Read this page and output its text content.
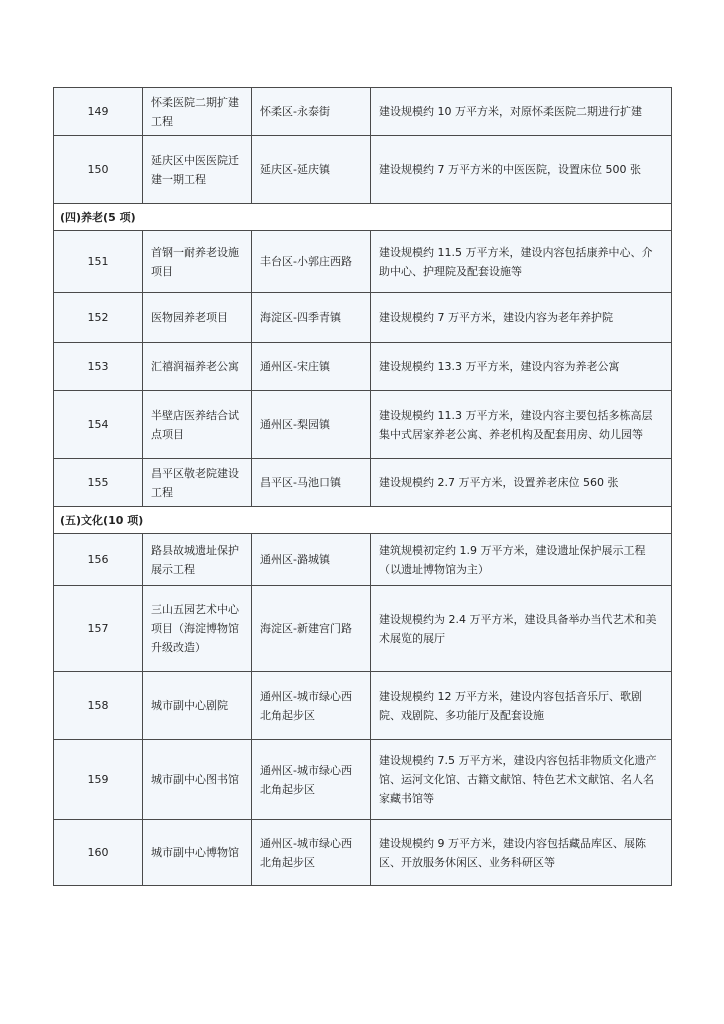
149	怀柔医院二期扩建工程	怀柔区-永泰街	建设规模约 10 万平方米，对原怀柔医院二期进行扩建
150	延庆区中医医院迁建一期工程	延庆区-延庆镇	建设规模约 7 万平方米的中医医院，设置床位 500 张
(四)养老(5 项)			
151	首钢一耐养老设施项目	丰台区-小郭庄西路	建设规模约 11.5 万平方米，建设内容包括康养中心、介助中心、护理院及配套设施等
152	医物园养老项目	海淀区-四季青镇	建设规模约 7 万平方米，建设内容为老年养护院
153	汇禧润福养老公寓	通州区-宋庄镇	建设规模约 13.3 万平方米，建设内容为养老公寓
154	半壁店医养结合试点项目	通州区-梨园镇	建设规模约 11.3 万平方米，建设内容主要包括多栋高层集中式居家养老公寓、养老机构及配套用房、幼儿园等
155	昌平区敬老院建设工程	昌平区-马池口镇	建设规模约 2.7 万平方米，设置养老床位 560 张
(五)文化(10 项)			
156	路县故城遗址保护展示工程	通州区-潞城镇	建筑规模初定约 1.9 万平方米，建设遗址保护展示工程（以遗址博物馆为主）
157	三山五园艺术中心项目（海淀博物馆升级改造）	海淀区-新建宫门路	建设规模约为 2.4 万平方米，建设具备举办当代艺术和美术展览的展厅
158	城市副中心剧院	通州区-城市绿心西北角起步区	建设规模约 12 万平方米，建设内容包括音乐厅、歌剧院、戏剧院、多功能厅及配套设施
159	城市副中心图书馆	通州区-城市绿心西北角起步区	建设规模约 7.5 万平方米，建设内容包括非物质文化遗产馆、运河文化馆、古籍文献馆、特色艺术文献馆、名人名家藏书馆等
160	城市副中心博物馆	通州区-城市绿心西北角起步区	建设规模约 9 万平方米，建设内容包括藏品库区、展陈区、开放服务休闲区、业务科研区等
